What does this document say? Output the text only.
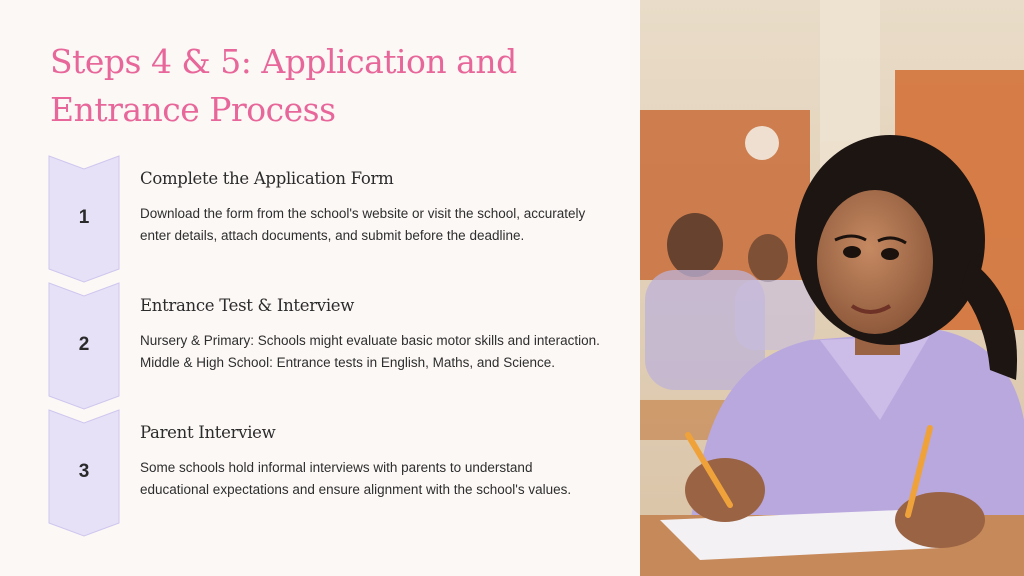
Steps 4 & 5: Application and Entrance Process
1
Complete the Application Form

Download the form from the school's website or visit the school, accurately enter details, attach documents, and submit before the deadline.

2
Entrance Test & Interview

Nursery & Primary: Schools might evaluate basic motor skills and interaction. Middle & High School: Entrance tests in English, Maths, and Science.

3
Parent Interview

Some schools hold informal interviews with parents to understand educational expectations and ensure alignment with the school's values.
